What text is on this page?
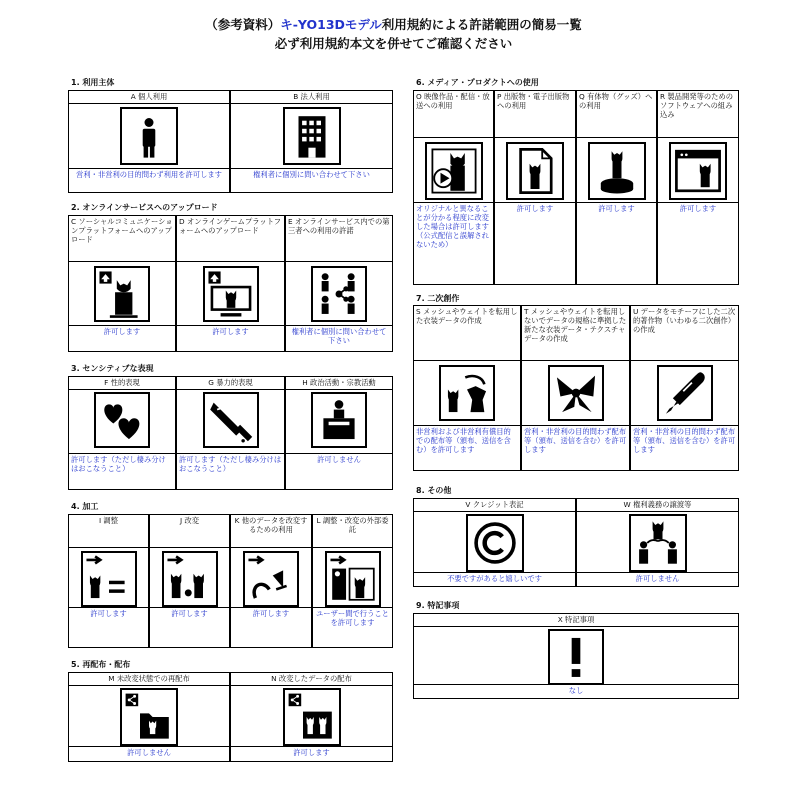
（参考資料）キ-YO13Dモデル利用規約による許諾範囲の簡易一覧
必ず利用規約本文を併せてご確認ください
1. 利用主体
2. オンラインサービスへのアップロード
3. センシティブな表現
4. 加工
5. 再配布・配布
6. メディア・プロダクトへの使用
7. 二次創作
8. その他
9. 特記事項
A 個人利用
営利・非営利の目的問わず利用を許可します
B 法人利用
権利者に個別に問い合わせて下さい
C ソーシャルコミュニケーションプラットフォームへのアップロード
許可します
D オンラインゲームプラットフォームへのアップロード
許可します
E オンラインサービス内での第三者への利用の許諾
権利者に個別に問い合わせて下さい
F 性的表現
許可します（ただし棲み分けはおこなうこと）
G 暴力的表現
許可します（ただし棲み分けはおこなうこと）
H 政治活動・宗教活動
許可しません
I 調整
許可します
J 改変
許可します
K 他のデータを改変するための利用
許可します
L 調整・改変の外部委託
ユーザー間で行うことを許可します
M 未改変状態での再配布
許可しません
N 改変したデータの配布
許可します
O 映像作品・配信・放送への利用
オリジナルと異なることが分かる程度に改変した場合は許可します（公式配信と誤解されないため）
P 出版物・電子出版物への利用
許可します
Q 有体物（グッズ）への利用
許可します
R 製品開発等のためのソフトウェアへの組み込み
許可します
S メッシュやウェイトを転用した衣装データの作成
非営利および非営利有償目的での配布等（頒布、送信を含む）を許可します
T メッシュやウェイトを転用しないでデータの規格に準拠した新たな衣装データ・テクスチャデータの作成
営利・非営利の目的問わず配布等（頒布、送信を含む）を許可します
U データをモチーフにした二次的著作物（いわゆる二次創作）の作成
営利・非営利の目的問わず配布等（頒布、送信を含む）を許可します
V クレジット表記
不要ですがあると嬉しいです
W 権利義務の譲渡等
許可しません
X 特記事項
なし
